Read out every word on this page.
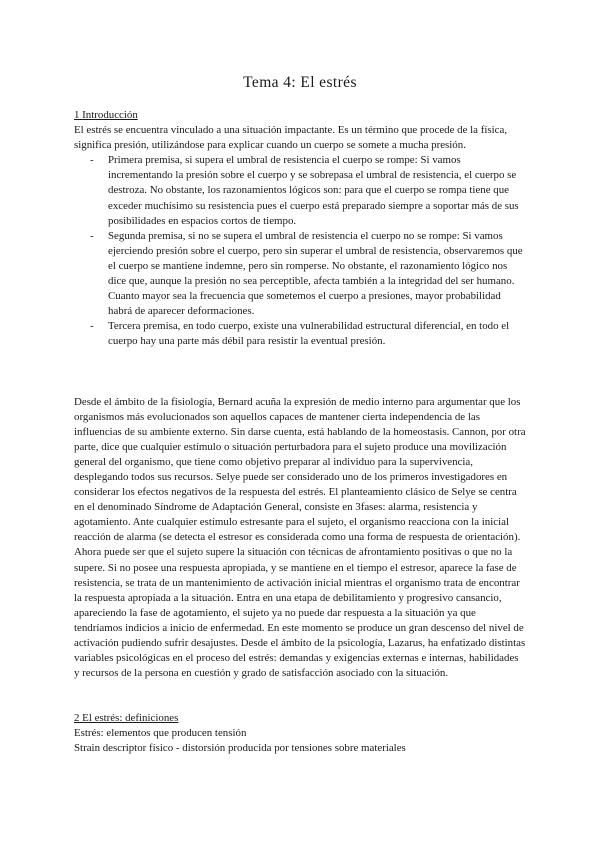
Tema 4: El estrés

1 Introducción

El estrés se encuentra vinculado a una situación impactante. Es un término que procede de la física, significa presión, utilizándose para explicar cuando un cuerpo se somete a mucha presión.

- Primera premisa, si supera el umbral de resistencia el cuerpo se rompe: Si vamos incrementando la presión sobre el cuerpo y se sobrepasa el umbral de resistencia, el cuerpo se destroza. No obstante, los razonamientos lógicos son: para que el cuerpo se rompa tiene que exceder muchísimo su resistencia pues el cuerpo está preparado siempre a soportar más de sus posibilidades en espacios cortos de tiempo.
- Segunda premisa, si no se supera el umbral de resistencia el cuerpo no se rompe: Si vamos ejerciendo presión sobre el cuerpo, pero sin superar el umbral de resistencia, observaremos que el cuerpo se mantiene indemne, pero sin romperse. No obstante, el razonamiento lógico nos dice que, aunque la presión no sea perceptible, afecta también a la integridad del ser humano. Cuanto mayor sea la frecuencia que sometemos el cuerpo a presiones, mayor probabilidad habrá de aparecer deformaciones.
- Tercera premisa, en todo cuerpo, existe una vulnerabilidad estructural diferencial, en todo el cuerpo hay una parte más débil para resistir la eventual presión.

Desde el ámbito de la fisiología, Bernard acuña la expresión de medio interno para argumentar que los organismos más evolucionados son aquellos capaces de mantener cierta independencia de las influencias de su ambiente externo. Sin darse cuenta, está hablando de la homeostasis. Cannon, por otra parte, dice que cualquier estímulo o situación perturbadora para el sujeto produce una movilización general del organismo, que tiene como objetivo preparar al individuo para la supervivencia, desplegando todos sus recursos. Selye puede ser considerado uno de los primeros investigadores en considerar los efectos negativos de la respuesta del estrés. El planteamiento clásico de Selye se centra en el denominado Síndrome de Adaptación General, consiste en 3fases: alarma, resistencia y agotamiento. Ante cualquier estímulo estresante para el sujeto, el organismo reacciona con la inicial reacción de alarma (se detecta el estresor es considerada como una forma de respuesta de orientación). Ahora puede ser que el sujeto supere la situación con técnicas de afrontamiento positivas o que no la supere. Si no posee una respuesta apropiada, y se mantiene en el tiempo el estresor, aparece la fase de resistencia, se trata de un mantenimiento de activación inicial mientras el organismo trata de encontrar la respuesta apropiada a la situación. Entra en una etapa de debilitamiento y progresivo cansancio, apareciendo la fase de agotamiento, el sujeto ya no puede dar respuesta a la situación ya que tendríamos indicios a inicio de enfermedad. En este momento se produce un gran descenso del nivel de activación pudiendo sufrir desajustes. Desde el ámbito de la psicología, Lazarus, ha enfatizado distintas variables psicológicas en el proceso del estrés: demandas y exigencias externas e internas, habilidades y recursos de la persona en cuestión y grado de satisfacción asociado con la situación.

2 El estrés: definiciones

Estrés: elementos que producen tensión

Strain descriptor físico - distorsión producida por tensiones sobre materiales
